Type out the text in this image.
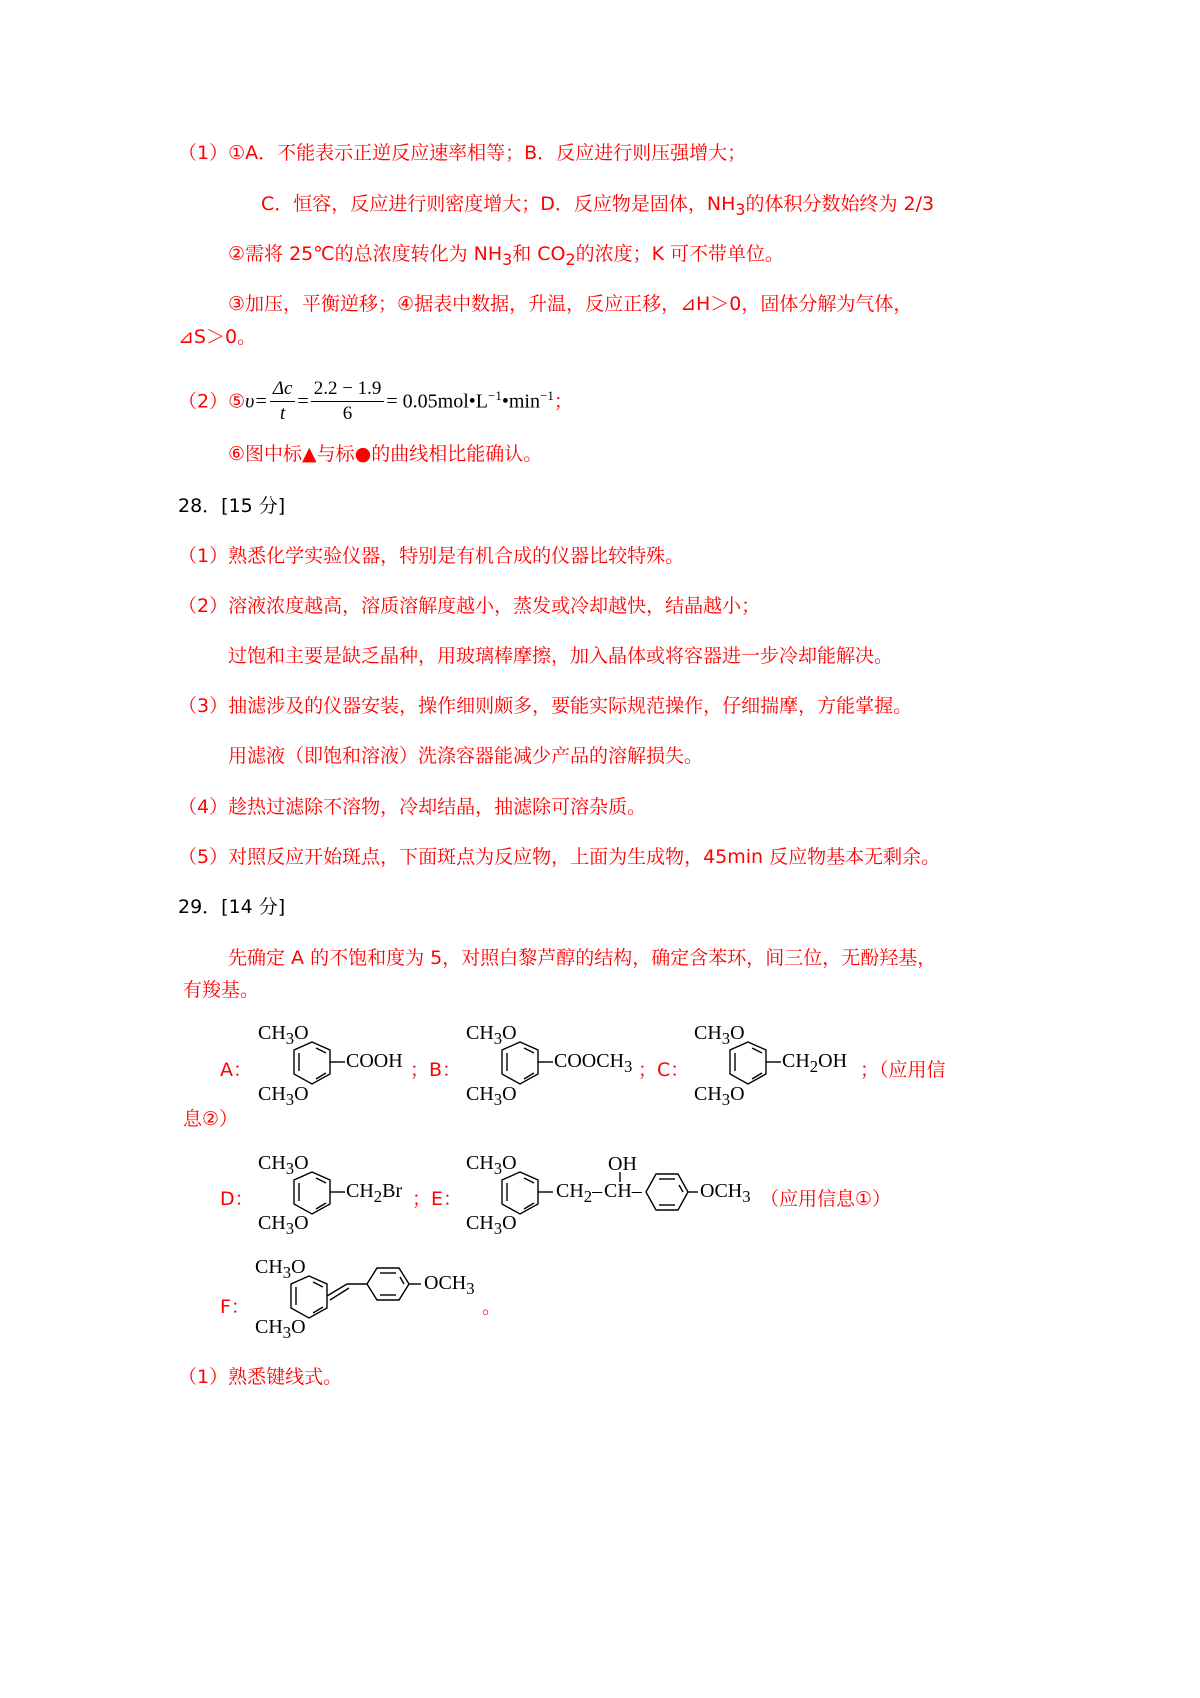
（1）①A．不能表示正逆反应速率相等；B．反应进行则压强增大；
C．恒容，反应进行则密度增大；D．反应物是固体，$NH_3$的体积分数始终为 2/3
②需将 25℃的总浓度转化为 $NH_3$和 $CO_2$的浓度；K 可不带单位。
③加压，平衡逆移；④据表中数据，升温，反应正移，⊿H＞0，固体分解为气体，
⊿S＞0。
（2）⑤υ= $\frac{\Delta c}{t} = \frac{2.2 - 1.9}{6}$ = $0.05mol•L^{-1}•\min^{-1}$；
⑥图中标▲与标●的曲线相比能确认。
28．[15 分]
（1）熟悉化学实验仪器，特别是有机合成的仪器比较特殊。
（2）溶液浓度越高，溶质溶解度越小，蒸发或冷却越快，结晶越小；
过饱和主要是缺乏晶种，用玻璃棒摩擦，加入晶体或将容器进一步冷却能解决。
（3）抽滤涉及的仪器安装，操作细则颇多，要能实际规范操作，仔细揣摩，方能掌握。
用滤液（即饱和溶液）洗涤容器能减少产品的溶解损失。
（4）趁热过滤除不溶物，冷却结晶，抽滤除可溶杂质。
（5）对照反应开始斑点，下面斑点为反应物，上面为生成物，45min 反应物基本无剩余。
29．[14 分]
先确定 A 的不饱和度为 5，对照白黎芦醇的结构，确定含苯环，间三位，无酚羟基，
有羧基。
A：
$CH_3O$
$CH_3O$
COOH ；B：
$CH_3O$
$CH_3O$
$COOCH_3$ ；C：
$CH_3O$
$CH_3O$
$CH_2OH$ ；（应用信
息②）
D：
$CH_3O$
$CH_3O$
$CH_2Br$ ；E：
$CH_3O$
$CH_3O$
$CH_2-$
OH
CH–	$OCH_3$ （应用信息①）
F：
$CH_3O$
$CH_3O$
$OCH_3$
。
（1）熟悉键线式。
